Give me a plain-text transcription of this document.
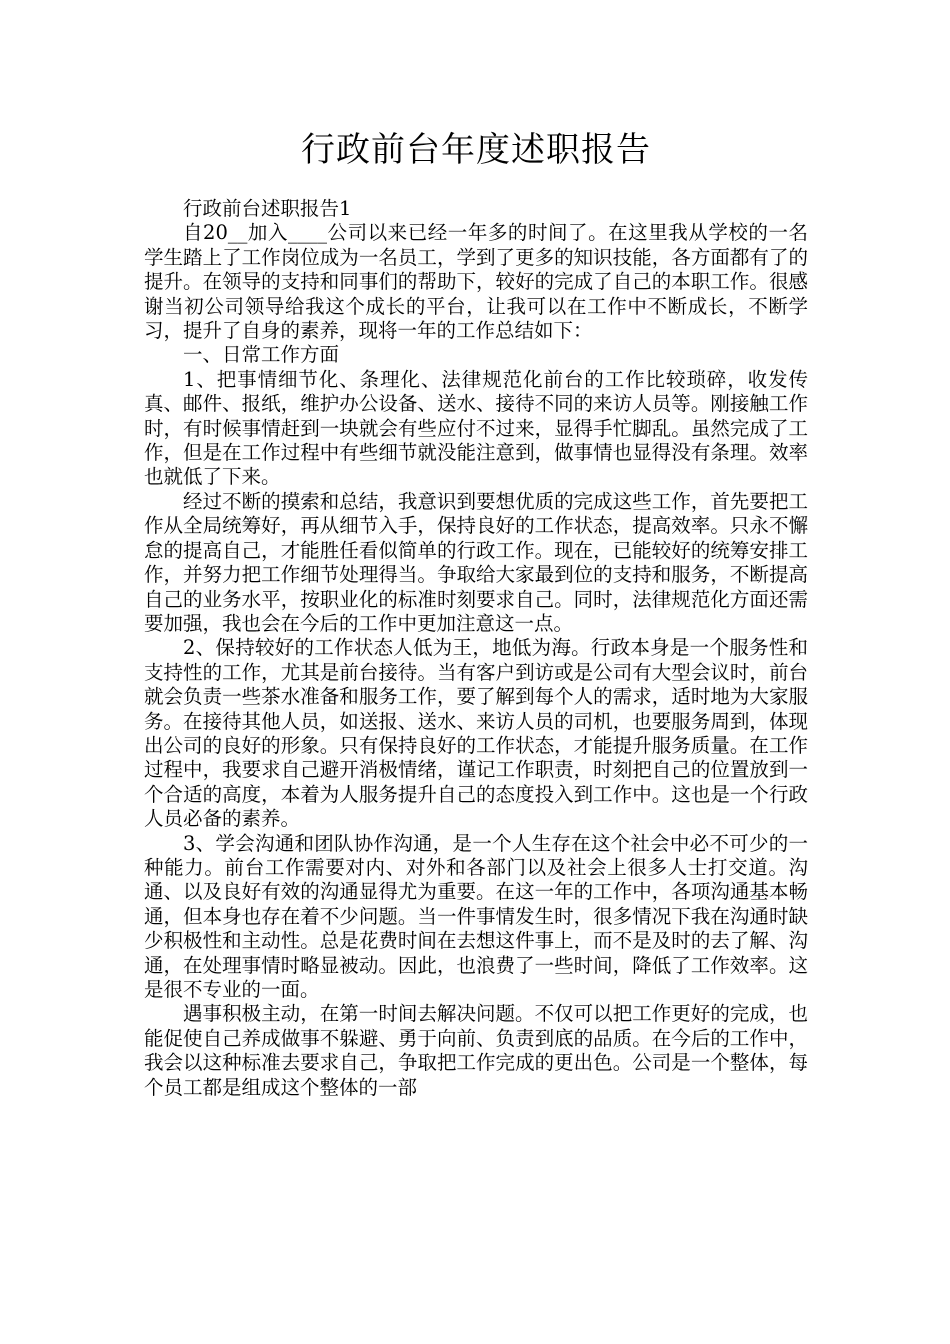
行政前台年度述职报告

行政前台述职报告1

自20__加入____公司以来已经一年多的时间了。在这里我从学校的一名学生踏上了工作岗位成为一名员工，学到了更多的知识技能，各方面都有了的提升。在领导的支持和同事们的帮助下，较好的完成了自己的本职工作。很感谢当初公司领导给我这个成长的平台，让我可以在工作中不断成长，不断学习，提升了自身的素养，现将一年的工作总结如下：

一、日常工作方面

1、把事情细节化、条理化、法律规范化前台的工作比较琐碎，收发传真、邮件、报纸，维护办公设备、送水、接待不同的来访人员等。刚接触工作时，有时候事情赶到一块就会有些应付不过来，显得手忙脚乱。虽然完成了工作，但是在工作过程中有些细节就没能注意到，做事情也显得没有条理。效率也就低了下来。

经过不断的摸索和总结，我意识到要想优质的完成这些工作，首先要把工作从全局统筹好，再从细节入手，保持良好的工作状态，提高效率。只永不懈怠的提高自己，才能胜任看似简单的行政工作。现在，已能较好的统筹安排工作，并努力把工作细节处理得当。争取给大家最到位的支持和服务，不断提高自己的业务水平，按职业化的标准时刻要求自己。同时，法律规范化方面还需要加强，我也会在今后的工作中更加注意这一点。

2、保持较好的工作状态人低为王，地低为海。行政本身是一个服务性和支持性的工作，尤其是前台接待。当有客户到访或是公司有大型会议时，前台就会负责一些茶水准备和服务工作，要了解到每个人的需求，适时地为大家服务。在接待其他人员，如送报、送水、来访人员的司机，也要服务周到，体现出公司的良好的形象。只有保持良好的工作状态，才能提升服务质量。在工作过程中，我要求自己避开消极情绪，谨记工作职责，时刻把自己的位置放到一个合适的高度，本着为人服务提升自己的态度投入到工作中。这也是一个行政人员必备的素养。

3、学会沟通和团队协作沟通，是一个人生存在这个社会中必不可少的一种能力。前台工作需要对内、对外和各部门以及社会上很多人士打交道。沟通、以及良好有效的沟通显得尤为重要。在这一年的工作中，各项沟通基本畅通，但本身也存在着不少问题。当一件事情发生时，很多情况下我在沟通时缺少积极性和主动性。总是花费时间在去想这件事上，而不是及时的去了解、沟通，在处理事情时略显被动。因此，也浪费了一些时间，降低了工作效率。这是很不专业的一面。

遇事积极主动，在第一时间去解决问题。不仅可以把工作更好的完成，也能促使自己养成做事不躲避、勇于向前、负责到底的品质。在今后的工作中，我会以这种标准去要求自己，争取把工作完成的更出色。公司是一个整体，每个员工都是组成这个整体的一部
